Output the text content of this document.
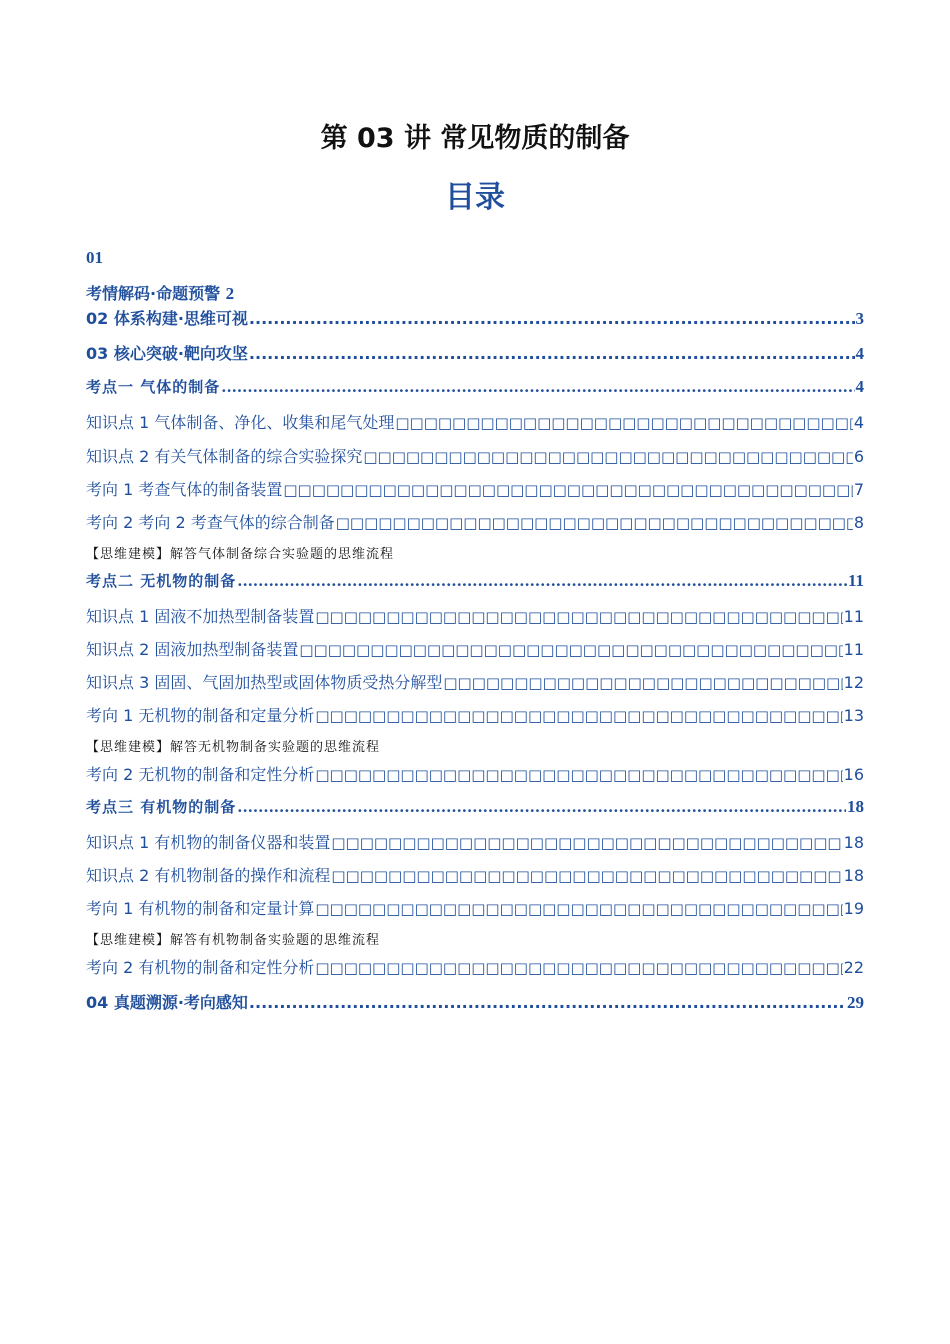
第 03 讲 常见物质的制备
目录
01
考情解码·命题预警 2
02 体系构建·思维可视 .....	3
03 核心突破·靶向攻坚 .....	4
考点一 气体的制备 .....	4
知识点 1 气体制备、净化、收集和尾气处理 □□□□□□□□□□□□□□□□□□□□□□□□□□□□□□□□□□□□□□□□□□□□□□□□□□□□□□□□□□□□□□□□□□□□□□□□□□□□□□□□	4
知识点 2 有关气体制备的综合实验探究 □□□□□□□□□□□□□□□□□□□□□□□□□□□□□□□□□□□□□□□□□□□□□□□□□□□□□□□□□□□□□□□□□□□□□□□□□□□□□□□□	6
考向 1 考查气体的制备装置 □□□□□□□□□□□□□□□□□□□□□□□□□□□□□□□□□□□□□□□□□□□□□□□□□□□□□□□□□□□□□□□□□□□□□□□□□□□□□□□□	7
考向 2 考向 2 考查气体的综合制备 □□□□□□□□□□□□□□□□□□□□□□□□□□□□□□□□□□□□□□□□□□□□□□□□□□□□□□□□□□□□□□□□□□□□□□□□□□□□□□□□	8
【思维建模】解答气体制备综合实验题的思维流程
考点二 无机物的制备 .....	11
知识点 1 固液不加热型制备装置 □□□□□□□□□□□□□□□□□□□□□□□□□□□□□□□□□□□□□□□□□□□□□□□□□□□□□□□□□□□□□□□□□□□□□□□□□□□□□□□□	11
知识点 2 固液加热型制备装置 □□□□□□□□□□□□□□□□□□□□□□□□□□□□□□□□□□□□□□□□□□□□□□□□□□□□□□□□□□□□□□□□□□□□□□□□□□□□□□□□	11
知识点 3 固固、气固加热型或固体物质受热分解型 □□□□□□□□□□□□□□□□□□□□□□□□□□□□□□□□□□□□□□□□□□□□□□□□□□□□□□□□□□□□□□□□□□□□□□□□□□□□□□□□	12
考向 1 无机物的制备和定量分析 □□□□□□□□□□□□□□□□□□□□□□□□□□□□□□□□□□□□□□□□□□□□□□□□□□□□□□□□□□□□□□□□□□□□□□□□□□□□□□□□	13
【思维建模】解答无机物制备实验题的思维流程
考向 2 无机物的制备和定性分析 □□□□□□□□□□□□□□□□□□□□□□□□□□□□□□□□□□□□□□□□□□□□□□□□□□□□□□□□□□□□□□□□□□□□□□□□□□□□□□□□	16
考点三 有机物的制备 .....	18
知识点 1 有机物的制备仪器和装置 □□□□□□□□□□□□□□□□□□□□□□□□□□□□□□□□□□□□□□□□□□□□□□□□□□□□□□□□□□□□□□□□□□□□□□□□□□□□□□□□	18
知识点 2 有机物制备的操作和流程 □□□□□□□□□□□□□□□□□□□□□□□□□□□□□□□□□□□□□□□□□□□□□□□□□□□□□□□□□□□□□□□□□□□□□□□□□□□□□□□□	18
考向 1 有机物的制备和定量计算 □□□□□□□□□□□□□□□□□□□□□□□□□□□□□□□□□□□□□□□□□□□□□□□□□□□□□□□□□□□□□□□□□□□□□□□□□□□□□□□□	19
【思维建模】解答有机物制备实验题的思维流程
考向 2 有机物的制备和定性分析 □□□□□□□□□□□□□□□□□□□□□□□□□□□□□□□□□□□□□□□□□□□□□□□□□□□□□□□□□□□□□□□□□□□□□□□□□□□□□□□□	22
04 真题溯源·考向感知 .....	29
